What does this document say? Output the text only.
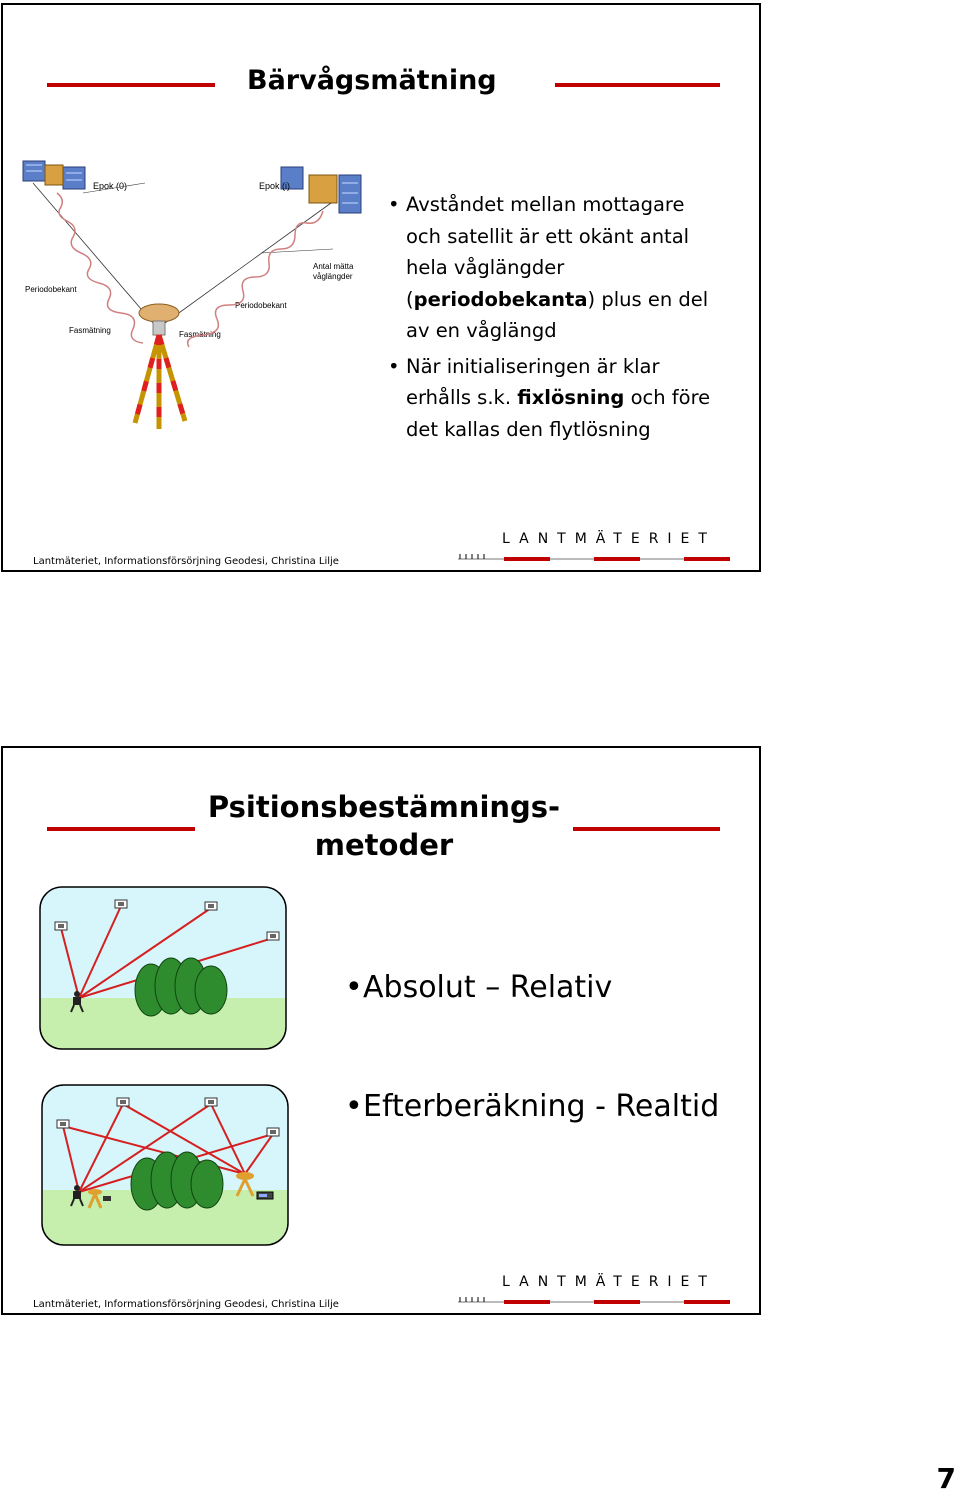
Bärvågsmätning
Epok (0)	Epok (i)
Periodobekant
Antal mätta
våglängder
Periodobekant
Fasmätning	Fasmätning
• Avståndet mellan mottagare
och satellit är ett okänt antal
hela våglängder
(periodobekanta) plus en del
av en våglängd
• När initialiseringen är klar
erhålls s.k. fixlösning och före
det kallas den flytlösning
Lantmäteriet, Informationsförsörjning Geodesi, Christina Lilje
LANTMÄTERIET
Psitionsbestämnings-
metoder
• Absolut – Relativ
• Efterberäkning - Realtid
Lantmäteriet, Informationsförsörjning Geodesi, Christina Lilje
LANTMÄTERIET
7
